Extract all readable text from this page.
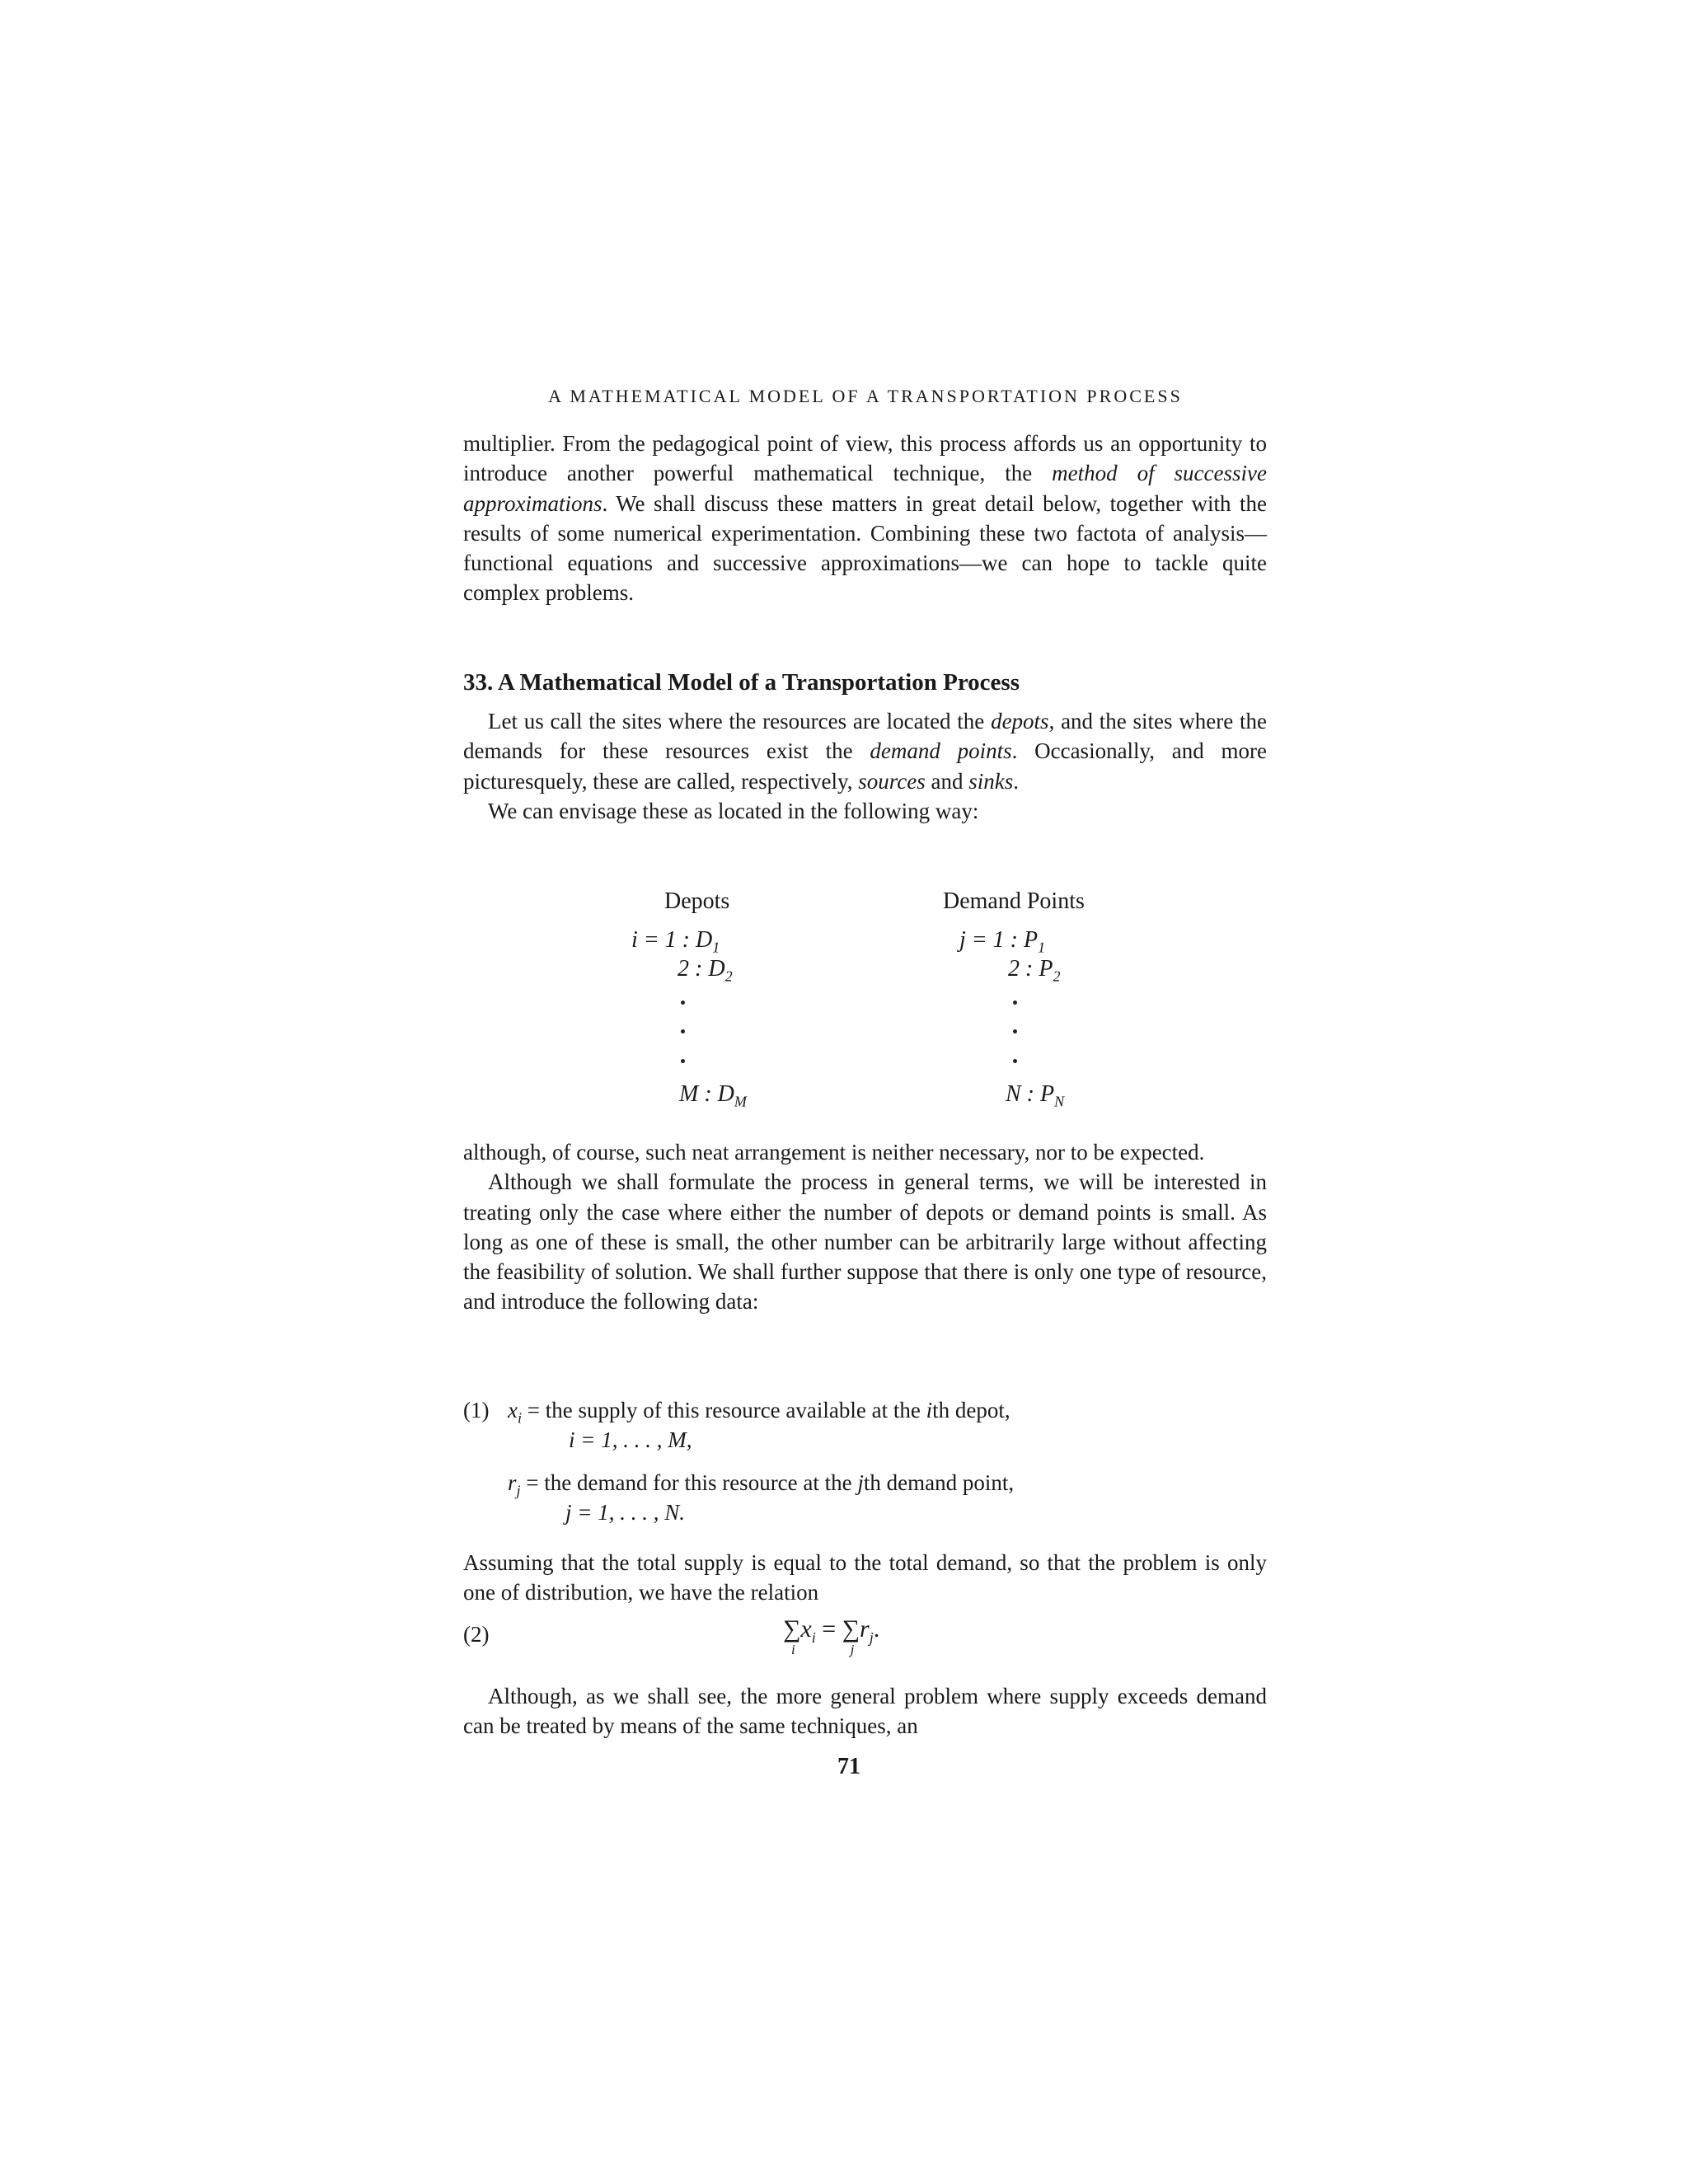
A MATHEMATICAL MODEL OF A TRANSPORTATION PROCESS

multiplier. From the pedagogical point of view, this process affords us an opportunity to introduce another powerful mathematical technique, the method of successive approximations. We shall discuss these matters in great detail below, together with the results of some numerical experimentation. Combining these two factota of analysis—functional equations and successive approximations—we can hope to tackle quite complex problems.

33. A Mathematical Model of a Transportation Process

Let us call the sites where the resources are located the depots, and the sites where the demands for these resources exist the demand points. Occasionally, and more picturesquely, these are called, respectively, sources and sinks.

We can envisage these as located in the following way:

Depots	Demand Points
i = 1 : $D_1$
2 : $D_2$
M : $D_M$
j = 1 : $P_1$
2 : $P_2$
N : $P_N$

although, of course, such neat arrangement is neither necessary, nor to be expected.

Although we shall formulate the process in general terms, we will be interested in treating only the case where either the number of depots or demand points is small. As long as one of these is small, the other number can be arbitrarily large without affecting the feasibility of solution. We shall further suppose that there is only one type of resource, and introduce the following data:

(1) $x_i$ = the supply of this resource available at the ith depot,
i = 1, . . . , M,
$r_j$ = the demand for this resource at the jth demand point,
j = 1, . . . , N.

Assuming that the total supply is equal to the total demand, so that the problem is only one of distribution, we have the relation

(2)	∑
i
$x_i$ = ∑
j
$r_j$.

Although, as we shall see, the more general problem where supply exceeds demand can be treated by means of the same techniques, an

71
